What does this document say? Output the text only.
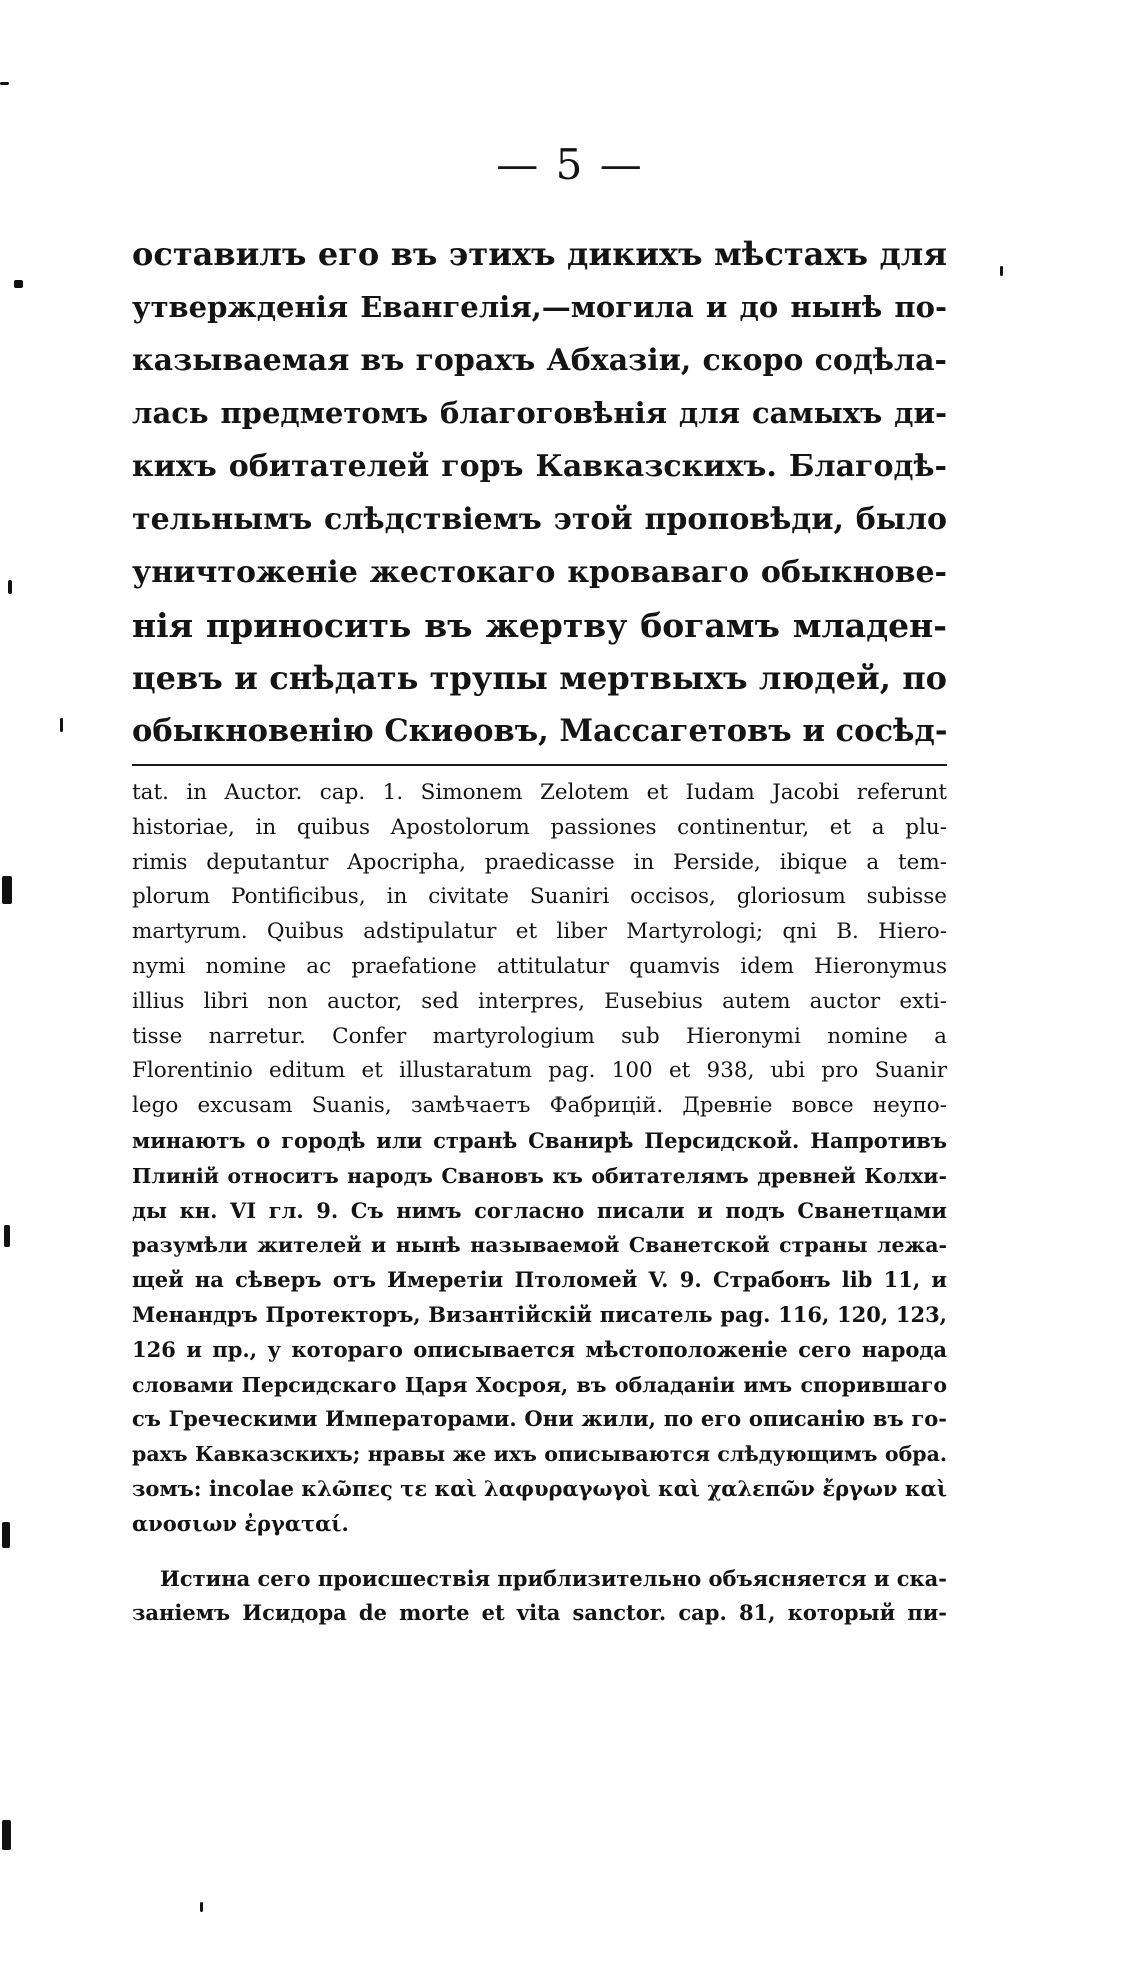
— 5 —
оставилъ его въ этихъ дикихъ мѣстахъ для
утвержденія Евангелія,—могила и до нынѣ по-
казываемая въ горахъ Абхазіи, скоро содѣла-
лась предметомъ благоговѣнія для самыхъ ди-
кихъ обитателей горъ Кавказскихъ. Благодѣ-
тельнымъ слѣдствіемъ этой проповѣди, было
уничтоженіе жестокаго кроваваго обыкнове-
нія приносить въ жертву богамъ младен-
цевъ и снѣдать трупы мертвыхъ людей, по
обыкновенію Скиѳовъ, Массагетовъ и сосѣд-
tat. in Auctor. cap. 1. Simonem Zelotem et Iudam Jacobi referunt
historiae, in quibus Apostolorum passiones continentur, et a plu-
rimis deputantur Apocripha, praedicasse in Perside, ibique a tem-
plorum Pontificibus, in civitate Suaniri occisos, gloriosum subisse
martyrum. Quibus adstipulatur et liber Martyrologi; qni B. Hiero-
nymi nomine ac praefatione attitulatur quamvis idem Hieronymus
illius libri non auctor, sed interpres, Eusebius autem auctor exti-
tisse narretur. Confer martyrologium sub Hieronymi nomine a
Florentinio editum et illustaratum pag. 100 et 938, ubi pro Suanir
lego excusam Suanis, замѣчаетъ Фабрицій. Древніе вовсе неупо-
минаютъ о городѣ или странѣ Сванирѣ Персидской. Напротивъ
Плиній относитъ народъ Свановъ къ обитателямъ древней Колхи-
ды кн. VI гл. 9. Съ нимъ согласно писали и подъ Сванетцами
разумѣли жителей и нынѣ называемой Сванетской страны лежа-
щей на сѣверъ отъ Имеретіи Птоломей V. 9. Страбонъ lib 11, и
Менандръ Протекторъ, Византійскій писатель pag. 116, 120, 123,
126 и пр., у котораго описывается мѣстоположеніе сего народа
словами Персидскаго Царя Хосроя, въ обладаніи имъ спорившаго
съ Греческими Императорами. Они жили, по его описанію въ го-
рахъ Кавказскихъ; нравы же ихъ описываются слѣдующимъ обра.
зомъ: incolae κλῶπες τε καὶ λαφυραγωγοὶ καὶ χαλεπῶν ἔργων καὶ
ανοσιων ἐργαταί.
Истина сего происшествія приблизительно объясняется и ска-
заніемъ Исидора de morte et vita sanctor. cap. 81, который пи-
